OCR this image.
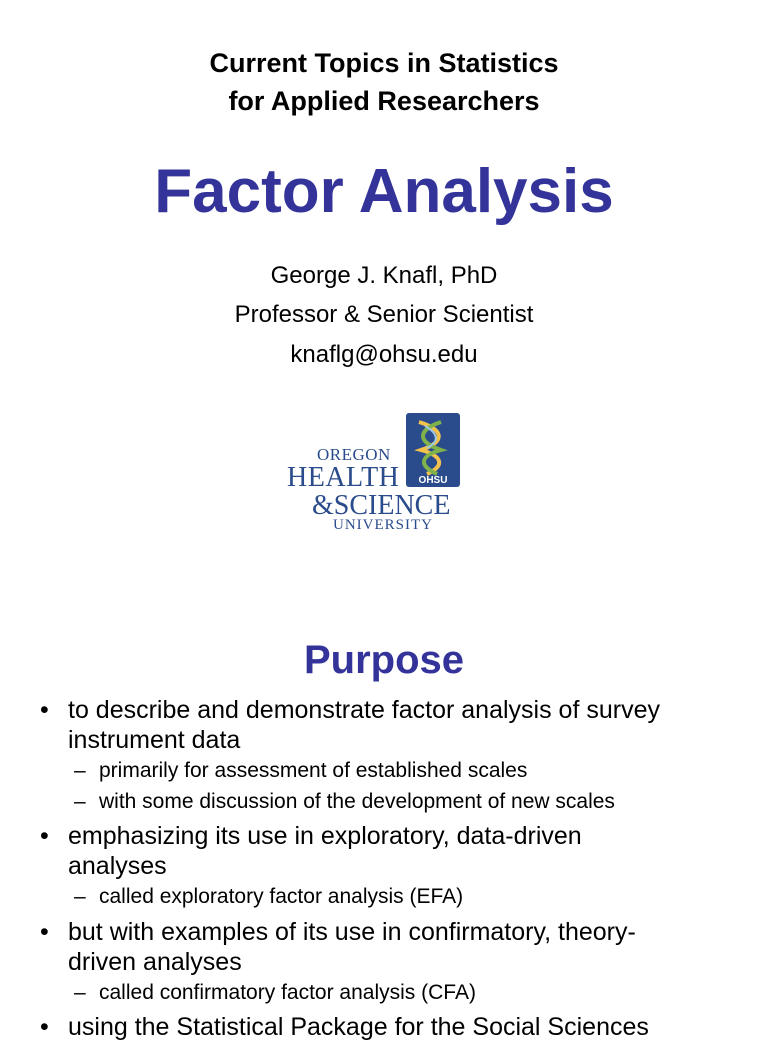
Current Topics in Statistics
for Applied Researchers
Factor Analysis
George J. Knafl, PhD
Professor & Senior Scientist
knaflg@ohsu.edu
OHSU
OREGON
HEALTH
&SCIENCE
UNIVERSITY
Purpose
• to describe and demonstrate factor analysis of survey
instrument data
– primarily for assessment of established scales
– with some discussion of the development of new scales
• emphasizing its use in exploratory, data-driven
analyses
– called exploratory factor analysis (EFA)
• but with examples of its use in confirmatory, theory-
driven analyses
– called confirmatory factor analysis (CFA)
• using the Statistical Package for the Social Sciences
